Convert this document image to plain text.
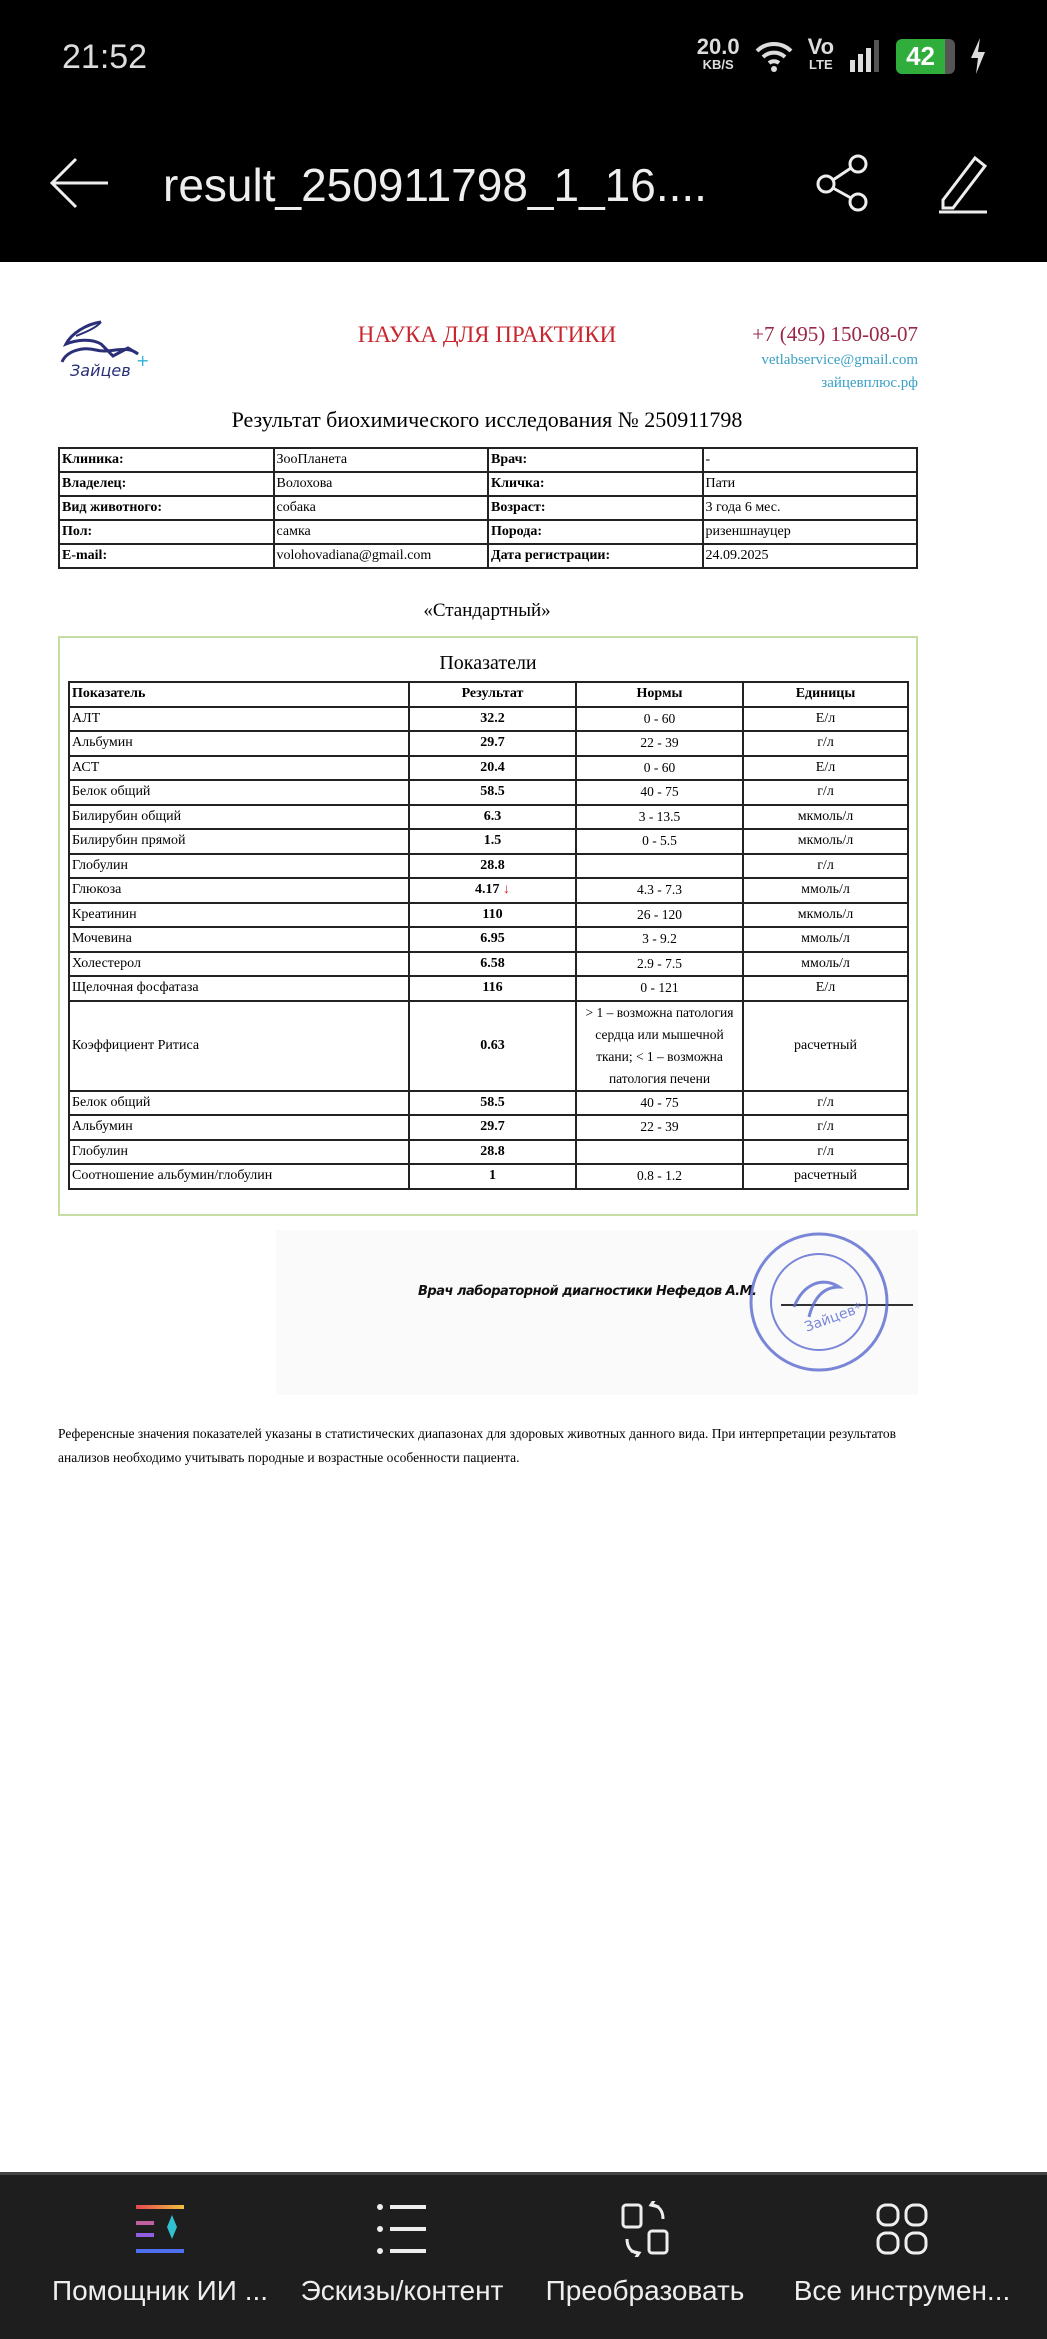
21:52	20.0
KB/S
Vo
LTE	42
result_250911798_1_16....
Зайцев
+
НАУКА ДЛЯ ПРАКТИКИ	+7 (495) 150-08-07
vetlabservice@gmail.com
зайцевплюс.рф
Результат биохимического исследования № 250911798
Клиника:	ЗооПланета	Врач:	-
Владелец:	Волохова	Кличка:	Пати
Вид животного:	собака	Возраст:	3 года 6 мес.
Пол:	самка	Порода:	ризеншнауцер
E-mail:	volohovadiana@gmail.com	Дата регистрации:	24.09.2025
«Стандартный»
Показатели
Показатель	Результат	Нормы	Единицы
АЛТ	32.2	0 - 60	Е/л
Альбумин	29.7	22 - 39	г/л
АСТ	20.4	0 - 60	Е/л
Белок общий	58.5	40 - 75	г/л
Билирубин общий	6.3	3 - 13.5	мкмоль/л
Билирубин прямой	1.5	0 - 5.5	мкмоль/л
Глобулин	28.8		г/л
Глюкоза	4.17 ↓	4.3 - 7.3	ммоль/л
Креатинин	110	26 - 120	мкмоль/л
Мочевина	6.95	3 - 9.2	ммоль/л
Холестерол	6.58	2.9 - 7.5	ммоль/л
Щелочная фосфатаза	116	0 - 121	Е/л
Коэффициент Ритиса	0.63	> 1 – возможна патология сердца или мышечной ткани; < 1 – возможна патология печени	расчетный
Белок общий	58.5	40 - 75	г/л
Альбумин	29.7	22 - 39	г/л
Глобулин	28.8		г/л
Соотношение альбумин/глобулин	1	0.8 - 1.2	расчетный
Врач лабораторной диагностики Нефедов А.М.
Зайцев*
Референсные значения показателей указаны в статистических диапазонах для здоровых животных данного вида. При интерпретации результатов анализов необходимо учитывать породные и возрастные особенности пациента.
Помощник ИИ ...	Эскизы/контент	Преобразовать	Все инструмен...
